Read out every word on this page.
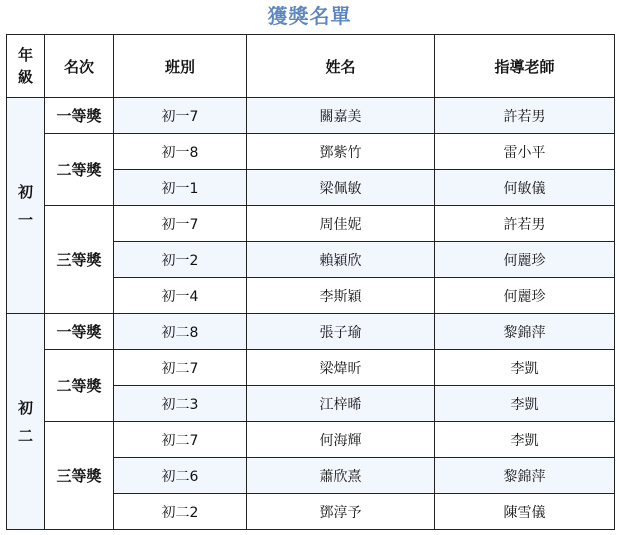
獲獎名單
年級	名次	班別	姓名	指導老師
初一	一等獎	初一7	關嘉美	許若男
	二等獎	初一8	鄧紫竹	雷小平
		初一1	梁佩敏	何敏儀
	三等獎	初一7	周佳妮	許若男
		初一2	賴穎欣	何麗珍
		初一4	李斯穎	何麗珍
初二	一等獎	初二8	張子瑜	黎錦萍
	二等獎	初二7	梁煒昕	李凱
		初二3	江梓晞	李凱
	三等獎	初二7	何海輝	李凱
		初二6	蕭欣熹	黎錦萍
		初二2	鄧淳予	陳雪儀
